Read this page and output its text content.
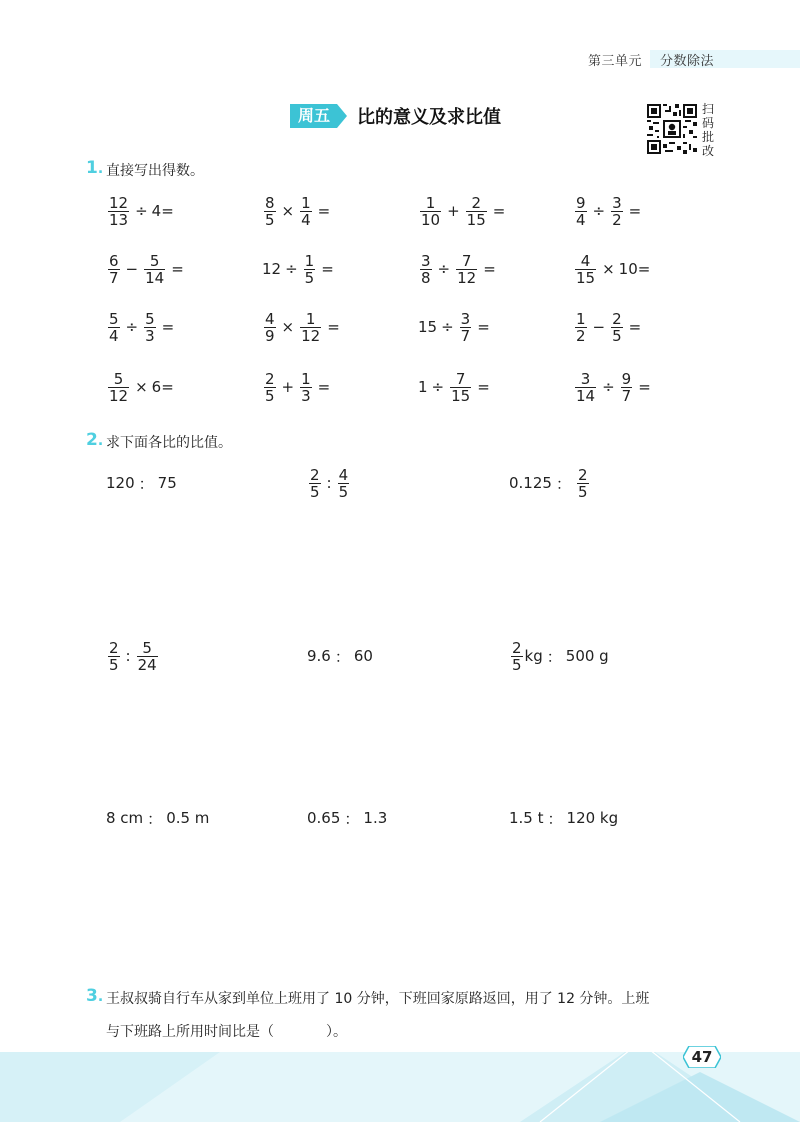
第三单元 分数除法
周五	比的意义及求比值	扫
码
批
改
1. 直接写出得数。
$\frac{12}{13} \div 4=$	$\frac{8}{5} \times \frac{1}{4}$ =	$\frac{1}{10} + \frac{2}{15}$ =	$\frac{9}{4} \div \frac{3}{2}$ =
$\frac{6}{7} - \frac{5}{14}$ =	$12 \div \frac{1}{5}$ =	$\frac{3}{8} \div \frac{7}{12}$ =	$\frac{4}{15} \times 10=$
$\frac{5}{4} \div \frac{5}{3}$ =	$\frac{4}{9} \times \frac{1}{12}$ =	$15 \div \frac{3}{7}$ =	$\frac{1}{2} - \frac{2}{5}$ =
$\frac{5}{12} \times 6=$	$\frac{2}{5} + \frac{1}{3}$ =	$1 \div \frac{7}{15}$ =	$\frac{3}{14} \div \frac{9}{7}$ =
2. 求下面各比的比值。
120 ： 75	$\frac{2}{5}$ : $\frac{4}{5}$	0.125 ： $\frac{2}{5}$
$\frac{2}{5}$ : $\frac{5}{24}$	9.6 ： 60	$\frac{2}{5}$ kg ： 500 g
8 cm ： 0.5 m	0.65 ： 1.3	1.5 t ： 120 kg
3. 王叔叔骑自行车从家到单位上班用了 10 分钟，下班回家原路返回，用了 12 分钟。上班
与下班路上所用时间比是（	）。
47
